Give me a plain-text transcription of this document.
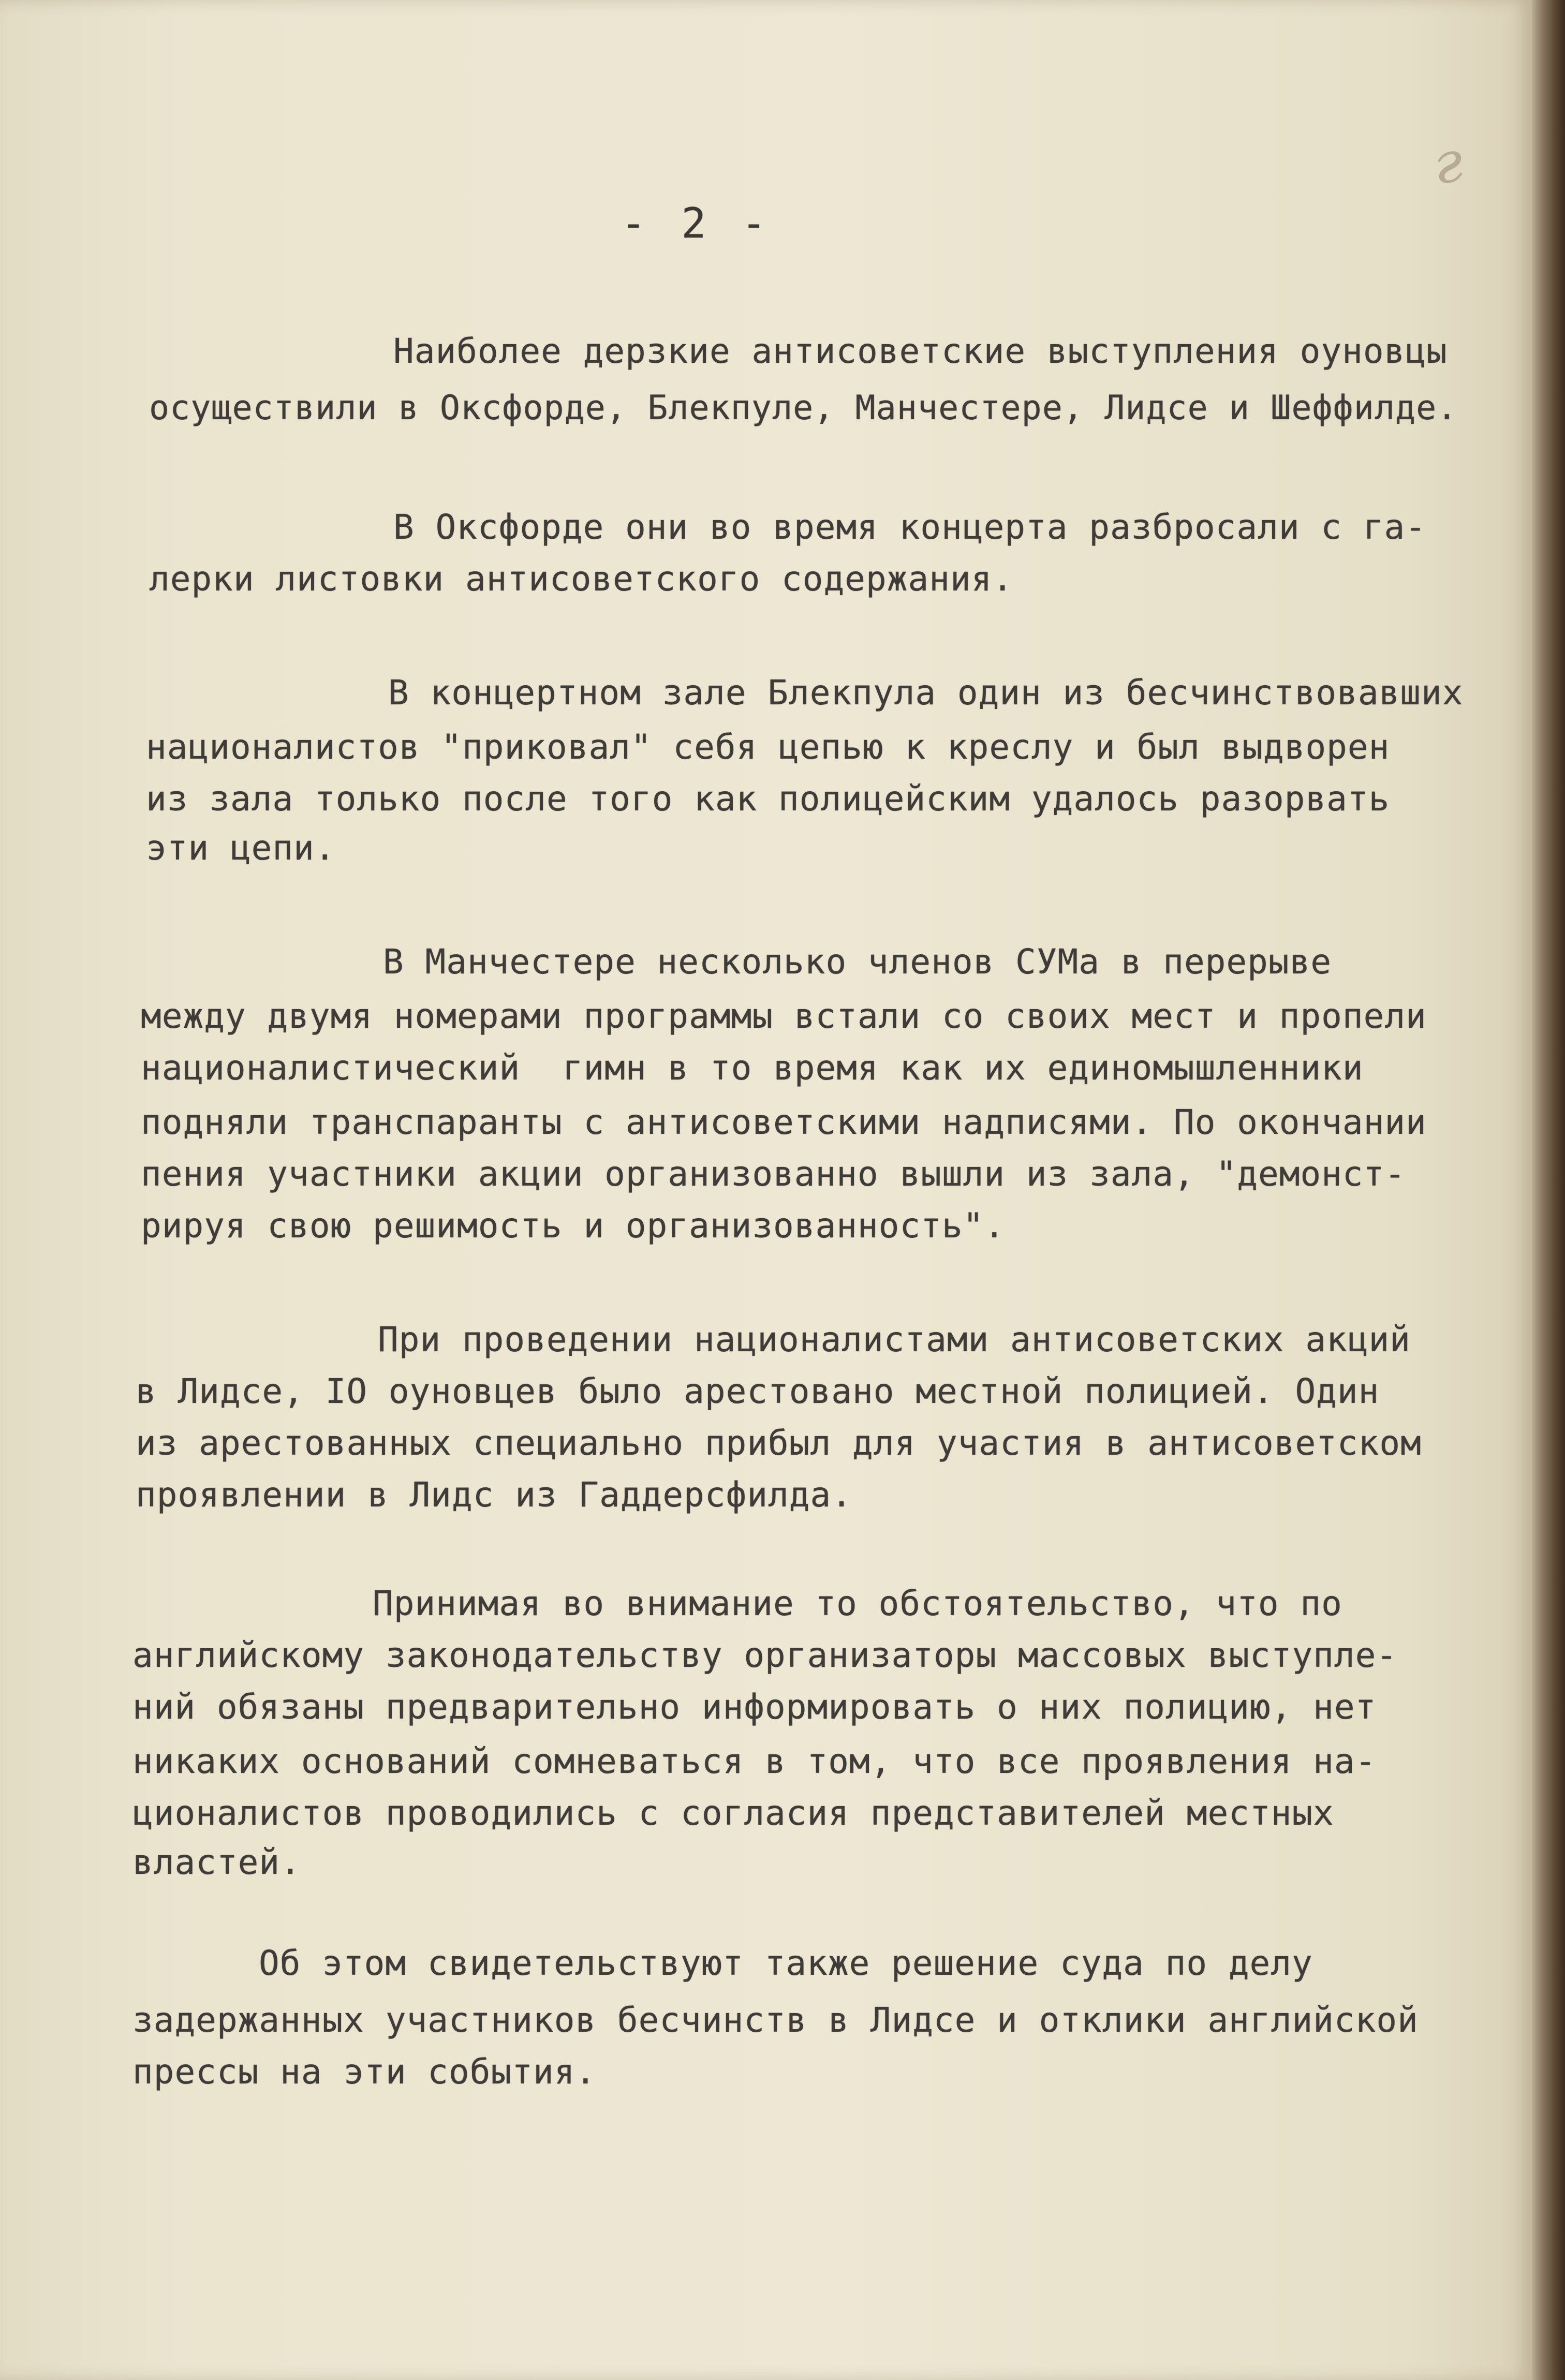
г
- 2 -
Наиболее дерзкие антисоветские выступления оуновцы
осуществили в Оксфорде, Блекпуле, Манчестере, Лидсе и Шеффилде.
В Оксфорде они во время концерта разбросали с га-
лерки листовки антисоветского содержания.
В концертном зале Блекпула один из бесчинствовавших
националистов "приковал" себя цепью к креслу и был выдворен
из зала только после того как полицейским удалось разорвать
эти цепи.
В Манчестере несколько членов СУМа в перерыве
между двумя номерами программы встали со своих мест и пропели
националистический  гимн в то время как их единомышленники
подняли транспаранты с антисоветскими надписями. По окончании
пения участники акции организованно вышли из зала, "демонст-
рируя свою решимость и организованность".
При проведении националистами антисоветских акций
в Лидсе, IO оуновцев было арестовано местной полицией. Один
из арестованных специально прибыл для участия в антисоветском
проявлении в Лидс из Гаддерсфилда.
Принимая во внимание то обстоятельство, что по
английскому законодательству организаторы массовых выступле-
ний обязаны предварительно информировать о них полицию, нет
никаких оснований сомневаться в том, что все проявления на-
ционалистов проводились с согласия представителей местных
властей.
Об этом свидетельствуют также решение суда по делу
задержанных участников бесчинств в Лидсе и отклики английской
прессы на эти события.
